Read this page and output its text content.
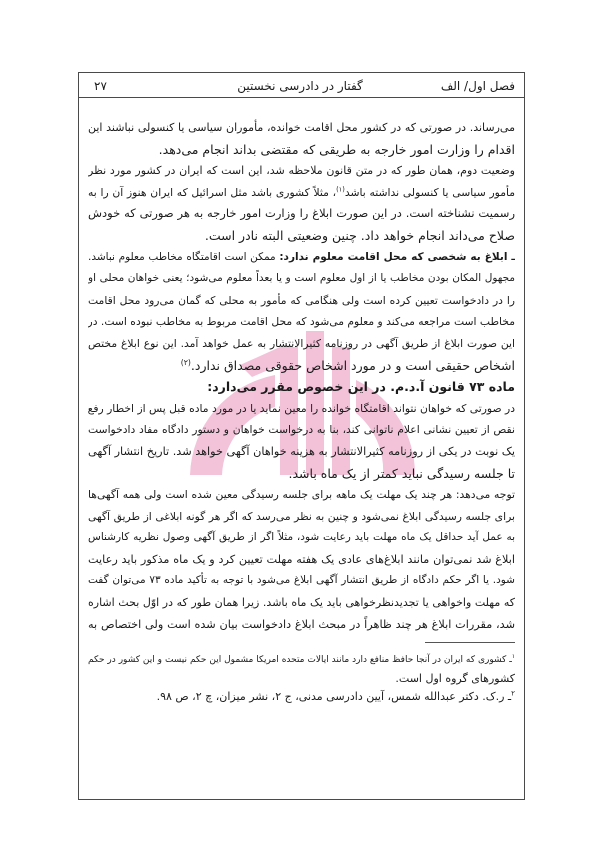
فصل اول/ الف
گفتار در دادرسی نخستین
۲۷
می‌رساند. در صورتی که در کشور محل اقامت خوانده، مأموران سیاسی یا کنسولی نباشند این
اقدام را وزارت امور خارجه به طریقی که مقتضی بداند انجام می‌دهد.
وضعیت دوم، همان طور که در متن قانون ملاحظه شد، این است که ایران در کشور مورد نظر
مأمور سیاسی یا کنسولی نداشته باشد$^{(۱)}$، مثلاً کشوری باشد مثل اسرائیل که ایران هنوز آن را به
رسمیت نشناخته است. در این صورت ابلاغ را وزارت امور خارجه به هر صورتی که خودش
صلاح می‌داند انجام خواهد داد. چنین وضعیتی البته نادر است.
ـ ابلاغ به شخصی که محل اقامت معلوم ندارد: ممکن است اقامتگاه مخاطب معلوم نباشد.
مجهول المکان بودن مخاطب یا از اول معلوم است و یا بعداً معلوم می‌شود؛ یعنی خواهان محلی او
را در دادخواست تعیین کرده است ولی هنگامی که مأمور به محلی که گمان می‌رود محل اقامت
مخاطب است مراجعه می‌کند و معلوم می‌شود که محل اقامت مربوط به مخاطب نبوده است. در
این صورت ابلاغ از طریق آگهی در روزنامه کثیرالانتشار به عمل خواهد آمد. این نوع ابلاغ مختص
اشخاص حقیقی است و در مورد اشخاص حقوقی مصداق ندارد.$^{(۲)}$
ماده ۷۳ قانون آ.د.م. در این خصوص مقرر می‌دارد:
در صورتی که خواهان نتواند اقامتگاه خوانده را معین نماید یا در مورد ماده قبل پس از اخطار رفع
نقص از تعیین نشانی اعلام ناتوانی کند، بنا به درخواست خواهان و دستور دادگاه مفاد دادخواست
یک نوبت در یکی از روزنامه کثیرالانتشار به هزینه خواهان آگهی خواهد شد. تاریخ انتشار آگهی
تا جلسه رسیدگی نباید کمتر از یک ماه باشد.
توجه می‌دهد: هر چند یک مهلت یک ماهه برای جلسه رسیدگی معین شده است ولی همه آگهی‌ها
برای جلسه رسیدگی ابلاغ نمی‌شود و چنین به نظر می‌رسد که اگر هر گونه ابلاغی از طریق آگهی
به عمل آید حداقل یک ماه مهلت باید رعایت شود، مثلاً اگر از طریق آگهی وصول نظریه کارشناس
ابلاغ شد نمی‌توان مانند ابلاغ‌های عادی یک هفته مهلت تعیین کرد و یک ماه مذکور باید رعایت
شود. یا اگر حکم دادگاه از طریق انتشار آگهی ابلاغ می‌شود با توجه به تأکید ماده ۷۳ می‌توان گفت
که مهلت واخواهی یا تجدیدنظرخواهی باید یک ماه باشد. زیرا همان طور که در اوّل بحث اشاره
شد، مقررات ابلاغ هر چند ظاهراً در مبحث ابلاغ دادخواست بیان شده است ولی اختصاص به
$^۱$ـ کشوری که ایران در آنجا حافظ منافع دارد مانند ایالات متحده امریکا مشمول این حکم نیست و این کشور در حکم
کشورهای گروه اول است.
$^۲$ـ ر.ک. دکتر عبدالله شمس، آیین دادرسی مدنی، ج ۲، نشر میزان، چ ۲، ص ۹۸.
